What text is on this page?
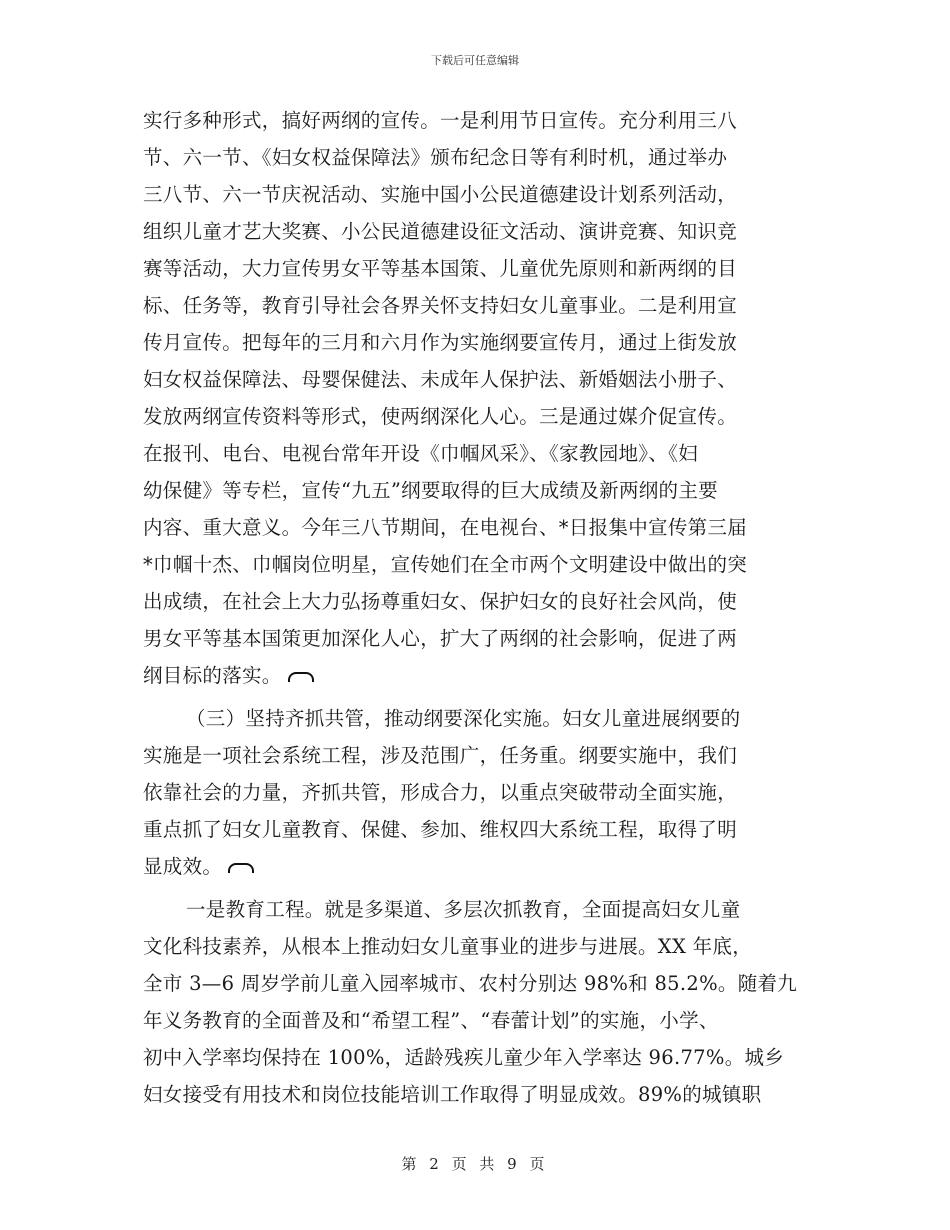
下载后可任意编辑
实行多种形式，搞好两纲的宣传。一是利用节日宣传。充分利用三八
节、六一节、《妇女权益保障法》颁布纪念日等有利时机，通过举办
三八节、六一节庆祝活动、实施中国小公民道德建设计划系列活动，
组织儿童才艺大奖赛、小公民道德建设征文活动、演讲竞赛、知识竞
赛等活动，大力宣传男女平等基本国策、儿童优先原则和新两纲的目
标、任务等，教育引导社会各界关怀支持妇女儿童事业。二是利用宣
传月宣传。把每年的三月和六月作为实施纲要宣传月，通过上街发放
妇女权益保障法、母婴保健法、未成年人保护法、新婚姻法小册子、
发放两纲宣传资料等形式，使两纲深化人心。三是通过媒介促宣传。
在报刊、电台、电视台常年开设《巾帼风采》、《家教园地》、《妇
幼保健》等专栏，宣传“九五”纲要取得的巨大成绩及新两纲的主要
内容、重大意义。今年三八节期间，在电视台、*日报集中宣传第三届
*巾帼十杰、巾帼岗位明星，宣传她们在全市两个文明建设中做出的突
出成绩，在社会上大力弘扬尊重妇女、保护妇女的良好社会风尚，使
男女平等基本国策更加深化人心，扩大了两纲的社会影响，促进了两
纲目标的落实。
（三）坚持齐抓共管，推动纲要深化实施。妇女儿童进展纲要的
实施是一项社会系统工程，涉及范围广，任务重。纲要实施中，我们
依靠社会的力量，齐抓共管，形成合力，以重点突破带动全面实施，
重点抓了妇女儿童教育、保健、参加、维权四大系统工程，取得了明
显成效。
一是教育工程。就是多渠道、多层次抓教育，全面提高妇女儿童
文化科技素养，从根本上推动妇女儿童事业的进步与进展。XX 年底，
全市 3—6 周岁学前儿童入园率城市、农村分别达 98%和 85.2%。随着九
年义务教育的全面普及和“希望工程”、“春蕾计划”的实施，小学、
初中入学率均保持在 100%，适龄残疾儿童少年入学率达 96.77%。城乡
妇女接受有用技术和岗位技能培训工作取得了明显成效。89%的城镇职
第 2 页 共 9 页
